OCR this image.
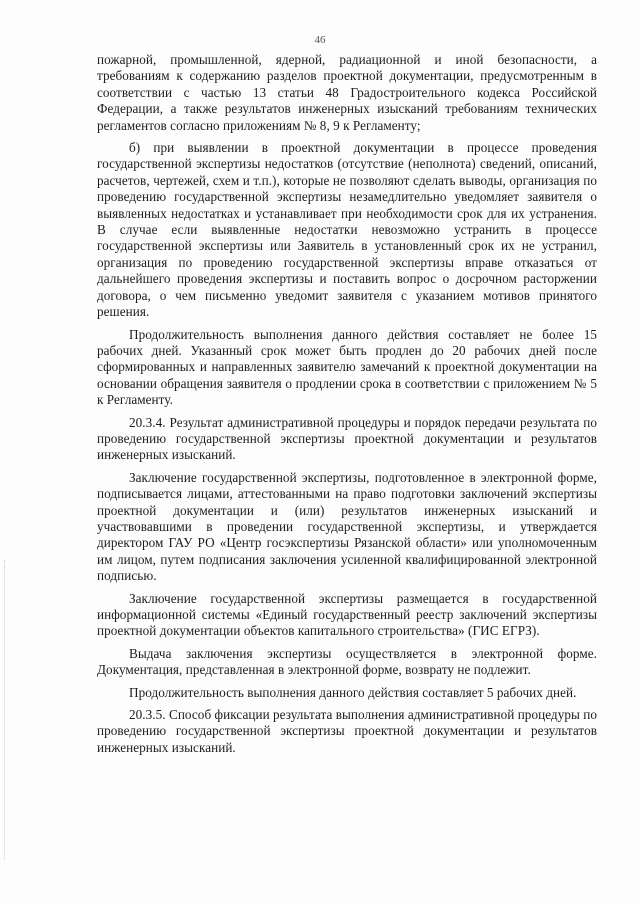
46

пожарной, промышленной, ядерной, радиационной и иной безопасности, а требованиям к содержанию разделов проектной документации, предусмотренным в соответствии с частью 13 статьи 48 Градостроительного кодекса Российской Федерации, а также результатов инженерных изысканий требованиям технических регламентов согласно приложениям № 8, 9 к Регламенту;

б) при выявлении в проектной документации в процессе проведения государственной экспертизы недостатков (отсутствие (неполнота) сведений, описаний, расчетов, чертежей, схем и т.п.), которые не позволяют сделать выводы, организация по проведению государственной экспертизы незамедлительно уведомляет заявителя о выявленных недостатках и устанавливает при необходимости срок для их устранения. В случае если выявленные недостатки невозможно устранить в процессе государственной экспертизы или Заявитель в установленный срок их не устранил, организация по проведению государственной экспертизы вправе отказаться от дальнейшего проведения экспертизы и поставить вопрос о досрочном расторжении договора, о чем письменно уведомит заявителя с указанием мотивов принятого решения.

Продолжительность выполнения данного действия составляет не более 15 рабочих дней. Указанный срок может быть продлен до 20 рабочих дней после сформированных и направленных заявителю замечаний к проектной документации на основании обращения заявителя о продлении срока в соответствии с приложением № 5 к Регламенту.

20.3.4. Результат административной процедуры и порядок передачи результата по проведению государственной экспертизы проектной документации и результатов инженерных изысканий.

Заключение государственной экспертизы, подготовленное в электронной форме, подписывается лицами, аттестованными на право подготовки заключений экспертизы проектной документации и (или) результатов инженерных изысканий и участвовавшими в проведении государственной экспертизы, и утверждается директором ГАУ РО «Центр госэкспертизы Рязанской области» или уполномоченным им лицом, путем подписания заключения усиленной квалифицированной электронной подписью.

Заключение государственной экспертизы размещается в государственной информационной системы «Единый государственный реестр заключений экспертизы проектной документации объектов капитального строительства» (ГИС ЕГРЗ).

Выдача заключения экспертизы осуществляется в электронной форме. Документация, представленная в электронной форме, возврату не подлежит.

Продолжительность выполнения данного действия составляет 5 рабочих дней.

20.3.5. Способ фиксации результата выполнения административной процедуры по проведению государственной экспертизы проектной документации и результатов инженерных изысканий.
